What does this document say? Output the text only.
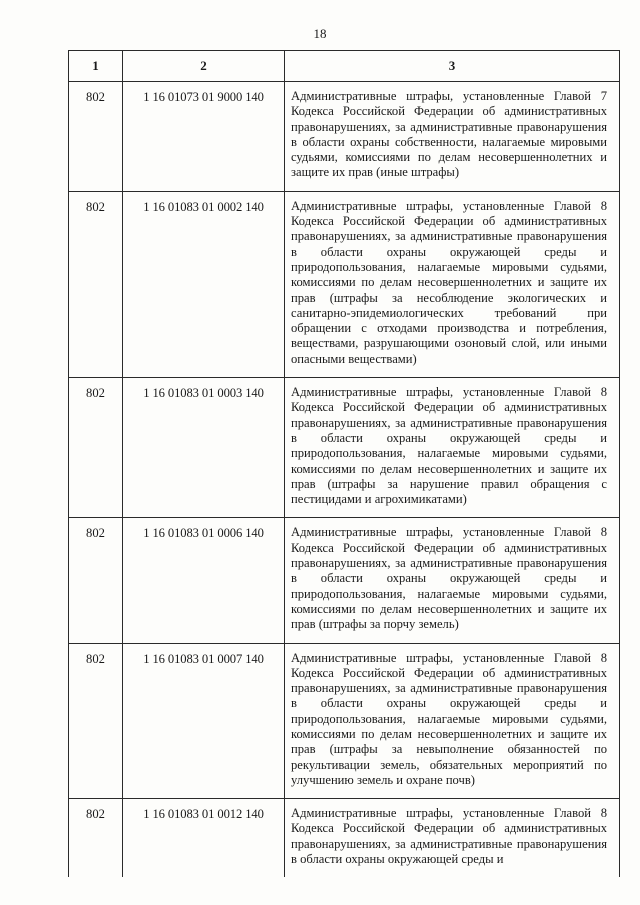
18
1	2	3
802	1 16 01073 01 9000 140	Административные штрафы, установленные Главой 7 Кодекса Российской Федерации об административных правонарушениях, за административные правонарушения в области охраны собственности, налагаемые мировыми судьями, комиссиями по делам несовершеннолетних и защите их прав (иные штрафы)
802	1 16 01083 01 0002 140	Административные штрафы, установленные Главой 8 Кодекса Российской Федерации об административных правонарушениях, за административные правонарушения в области охраны окружающей среды и природопользования, налагаемые мировыми судьями, комиссиями по делам несовершеннолетних и защите их прав (штрафы за несоблюдение экологических и санитарно-эпидемиологических требований при обращении с отходами производства и потребления, веществами, разрушающими озоновый слой, или иными опасными веществами)
802	1 16 01083 01 0003 140	Административные штрафы, установленные Главой 8 Кодекса Российской Федерации об административных правонарушениях, за административные правонарушения в области охраны окружающей среды и природопользования, налагаемые мировыми судьями, комиссиями по делам несовершеннолетних и защите их прав (штрафы за нарушение правил обращения с пестицидами и агрохимикатами)
802	1 16 01083 01 0006 140	Административные штрафы, установленные Главой 8 Кодекса Российской Федерации об административных правонарушениях, за административные правонарушения в области охраны окружающей среды и природопользования, налагаемые мировыми судьями, комиссиями по делам несовершеннолетних и защите их прав (штрафы за порчу земель)
802	1 16 01083 01 0007 140	Административные штрафы, установленные Главой 8 Кодекса Российской Федерации об административных правонарушениях, за административные правонарушения в области охраны окружающей среды и природопользования, налагаемые мировыми судьями, комиссиями по делам несовершеннолетних и защите их прав (штрафы за невыполнение обязанностей по рекультивации земель, обязательных мероприятий по улучшению земель и охране почв)
802	1 16 01083 01 0012 140	Административные штрафы, установленные Главой 8 Кодекса Российской Федерации об административных правонарушениях, за административные правонарушения в области охраны окружающей среды и
